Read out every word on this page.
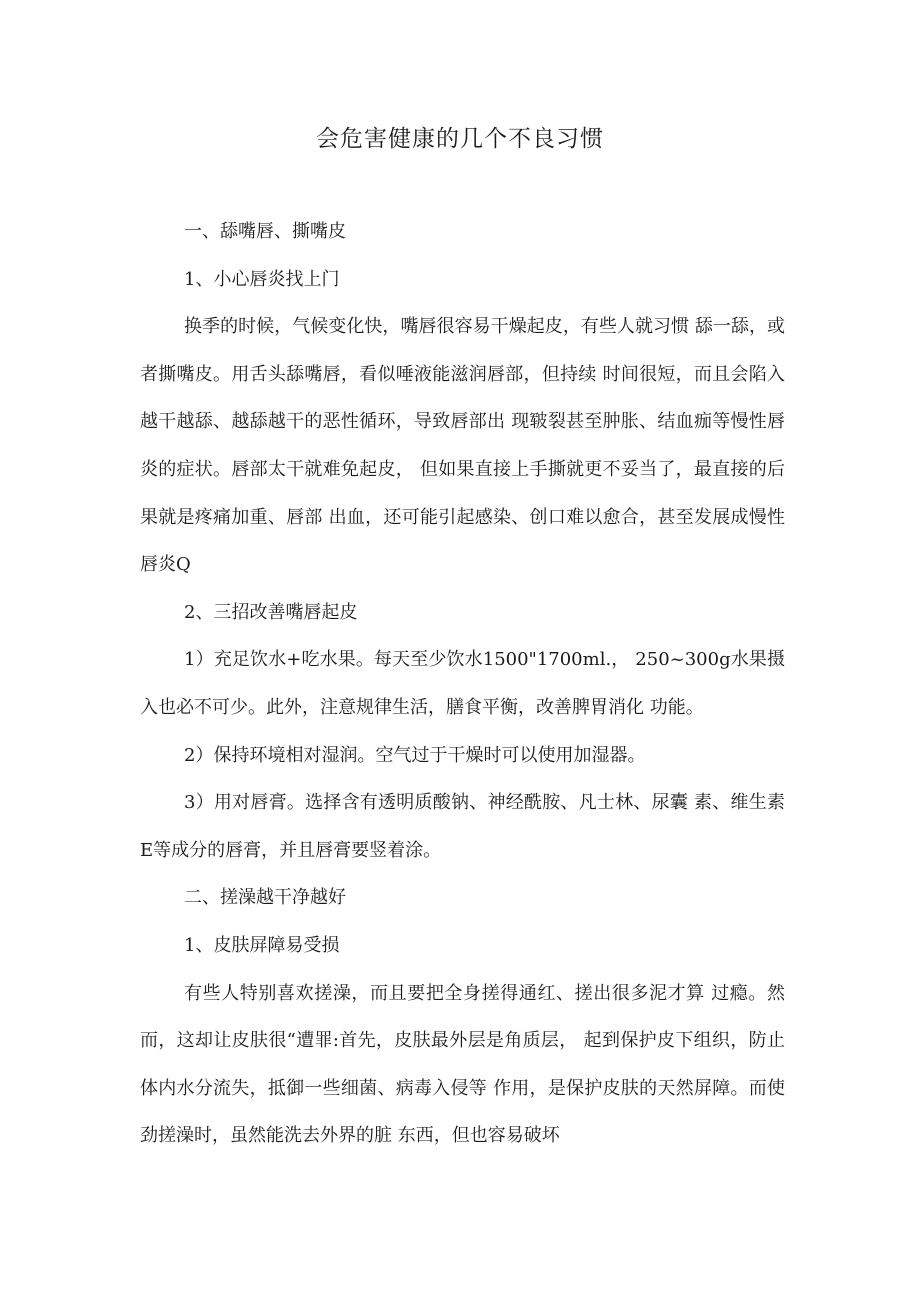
会危害健康的几个不良习惯

一、舔嘴唇、撕嘴皮

1、小心唇炎找上门

换季的时候，气候变化快，嘴唇很容易干燥起皮，有些人就习惯 舔一舔，或者撕嘴皮。用舌头舔嘴唇，看似唾液能滋润唇部，但持续 时间很短，而且会陷入越干越舔、越舔越干的恶性循环，导致唇部出 现皲裂甚至肿胀、结血痂等慢性唇炎的症状。唇部太干就难免起皮， 但如果直接上手撕就更不妥当了，最直接的后果就是疼痛加重、唇部 出血，还可能引起感染、创口难以愈合，甚至发展成慢性唇炎Q

2、三招改善嘴唇起皮

1）充足饮水+吃水果。每天至少饮水1500"1700ml.， 250~300g水果摄入也必不可少。此外，注意规律生活，膳食平衡，改善脾胃消化 功能。

2）保持环境相对湿润。空气过于干燥时可以使用加湿器。

3）用对唇膏。选择含有透明质酸钠、神经酰胺、凡士林、尿囊 素、维生素E等成分的唇膏，并且唇膏要竖着涂。

二、搓澡越干净越好

1、皮肤屏障易受损

有些人特别喜欢搓澡，而且要把全身搓得通红、搓出很多泥才算 过瘾。然而，这却让皮肤很“遭罪:首先，皮肤最外层是角质层， 起到保护皮下组织，防止体内水分流失，抵御一些细菌、病毒入侵等 作用，是保护皮肤的天然屏障。而使劲搓澡时，虽然能洗去外界的脏 东西，但也容易破坏
